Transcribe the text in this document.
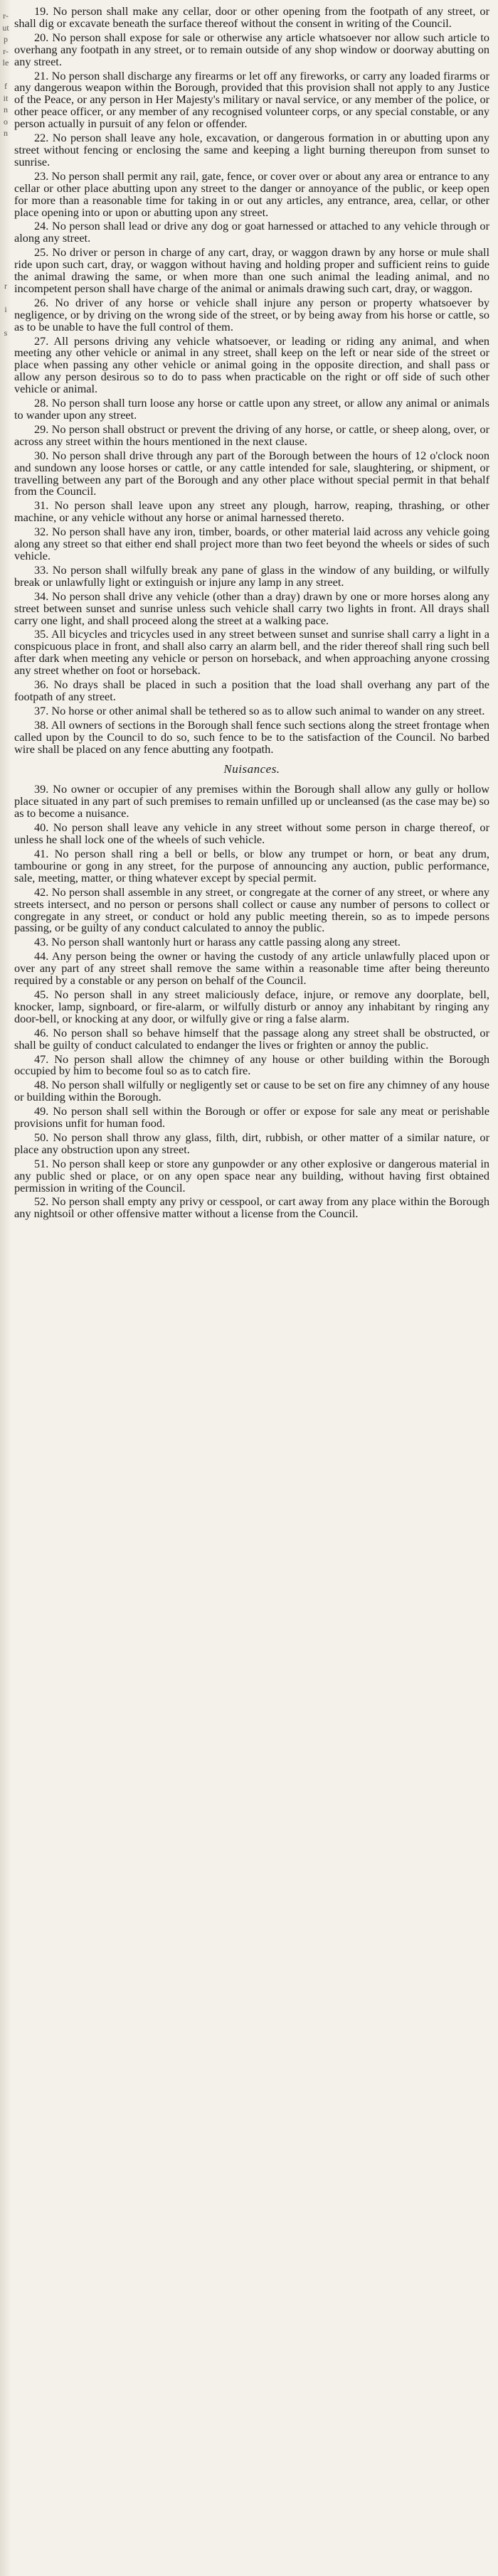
r-
ut
p
r-
le

f
it
n
o
n

r

i

s

19. No person shall make any cellar, door or other opening from the footpath of any street, or shall dig or excavate beneath the surface thereof without the consent in writing of the Council.

20. No person shall expose for sale or otherwise any article whatsoever nor allow such article to overhang any footpath in any street, or to remain outside of any shop window or doorway abutting on any street.

21. No person shall discharge any firearms or let off any fireworks, or carry any loaded firarms or any dangerous weapon within the Borough, provided that this provision shall not apply to any Justice of the Peace, or any person in Her Majesty's military or naval service, or any member of the police, or other peace officer, or any member of any recognised volunteer corps, or any special constable, or any person actually in pursuit of any felon or offender.

22. No person shall leave any hole, excavation, or dangerous formation in or abutting upon any street without fencing or enclosing the same and keeping a light burning thereupon from sunset to sunrise.

23. No person shall permit any rail, gate, fence, or cover over or about any area or entrance to any cellar or other place abutting upon any street to the danger or annoyance of the public, or keep open for more than a reasonable time for taking in or out any articles, any entrance, area, cellar, or other place opening into or upon or abutting upon any street.

24. No person shall lead or drive any dog or goat harnessed or attached to any vehicle through or along any street.

25. No driver or person in charge of any cart, dray, or waggon drawn by any horse or mule shall ride upon such cart, dray, or waggon without having and holding proper and sufficient reins to guide the animal drawing the same, or when more than one such animal the leading animal, and no incompetent person shall have charge of the animal or animals drawing such cart, dray, or waggon.

26. No driver of any horse or vehicle shall injure any person or property whatsoever by negligence, or by driving on the wrong side of the street, or by being away from his horse or cattle, so as to be unable to have the full control of them.

27. All persons driving any vehicle whatsoever, or leading or riding any animal, and when meeting any other vehicle or animal in any street, shall keep on the left or near side of the street or place when passing any other vehicle or animal going in the opposite direction, and shall pass or allow any person desirous so to do to pass when practicable on the right or off side of such other vehicle or animal.

28. No person shall turn loose any horse or cattle upon any street, or allow any animal or animals to wander upon any street.

29. No person shall obstruct or prevent the driving of any horse, or cattle, or sheep along, over, or across any street within the hours mentioned in the next clause.

30. No person shall drive through any part of the Borough between the hours of 12 o'clock noon and sundown any loose horses or cattle, or any cattle intended for sale, slaughtering, or shipment, or travelling between any part of the Borough and any other place without special permit in that behalf from the Council.

31. No person shall leave upon any street any plough, harrow, reaping, thrashing, or other machine, or any vehicle without any horse or animal harnessed thereto.

32. No person shall have any iron, timber, boards, or other material laid across any vehicle going along any street so that either end shall project more than two feet beyond the wheels or sides of such vehicle.

33. No person shall wilfully break any pane of glass in the window of any building, or wilfully break or unlawfully light or extinguish or injure any lamp in any street.

34. No person shall drive any vehicle (other than a dray) drawn by one or more horses along any street between sunset and sunrise unless such vehicle shall carry two lights in front. All drays shall carry one light, and shall proceed along the street at a walking pace.

35. All bicycles and tricycles used in any street between sunset and sunrise shall carry a light in a conspicuous place in front, and shall also carry an alarm bell, and the rider thereof shall ring such bell after dark when meeting any vehicle or person on horseback, and when approaching anyone crossing any street whether on foot or horseback.

36. No drays shall be placed in such a position that the load shall overhang any part of the footpath of any street.

37. No horse or other animal shall be tethered so as to allow such animal to wander on any street.

38. All owners of sections in the Borough shall fence such sections along the street frontage when called upon by the Council to do so, such fence to be to the satisfaction of the Council. No barbed wire shall be placed on any fence abutting any footpath.

Nuisances.

39. No owner or occupier of any premises within the Borough shall allow any gully or hollow place situated in any part of such premises to remain unfilled up or uncleansed (as the case may be) so as to become a nuisance.

40. No person shall leave any vehicle in any street without some person in charge thereof, or unless he shall lock one of the wheels of such vehicle.

41. No person shall ring a bell or bells, or blow any trumpet or horn, or beat any drum, tambourine or gong in any street, for the purpose of announcing any auction, public performance, sale, meeting, matter, or thing whatever except by special permit.

42. No person shall assemble in any street, or congregate at the corner of any street, or where any streets intersect, and no person or persons shall collect or cause any number of persons to collect or congregate in any street, or conduct or hold any public meeting therein, so as to impede persons passing, or be guilty of any conduct calculated to annoy the public.

43. No person shall wantonly hurt or harass any cattle passing along any street.

44. Any person being the owner or having the custody of any article unlawfully placed upon or over any part of any street shall remove the same within a reasonable time after being thereunto required by a constable or any person on behalf of the Council.

45. No person shall in any street maliciously deface, injure, or remove any doorplate, bell, knocker, lamp, signboard, or fire-alarm, or wilfully disturb or annoy any inhabitant by ringing any door-bell, or knocking at any door, or wilfully give or ring a false alarm.

46. No person shall so behave himself that the passage along any street shall be obstructed, or shall be guilty of conduct calculated to endanger the lives or frighten or annoy the public.

47. No person shall allow the chimney of any house or other building within the Borough occupied by him to become foul so as to catch fire.

48. No person shall wilfully or negligently set or cause to be set on fire any chimney of any house or building within the Borough.

49. No person shall sell within the Borough or offer or expose for sale any meat or perishable provisions unfit for human food.

50. No person shall throw any glass, filth, dirt, rubbish, or other matter of a similar nature, or place any obstruction upon any street.

51. No person shall keep or store any gunpowder or any other explosive or dangerous material in any public shed or place, or on any open space near any building, without having first obtained permission in writing of the Council.

52. No person shall empty any privy or cesspool, or cart away from any place within the Borough any nightsoil or other offensive matter without a license from the Council.
